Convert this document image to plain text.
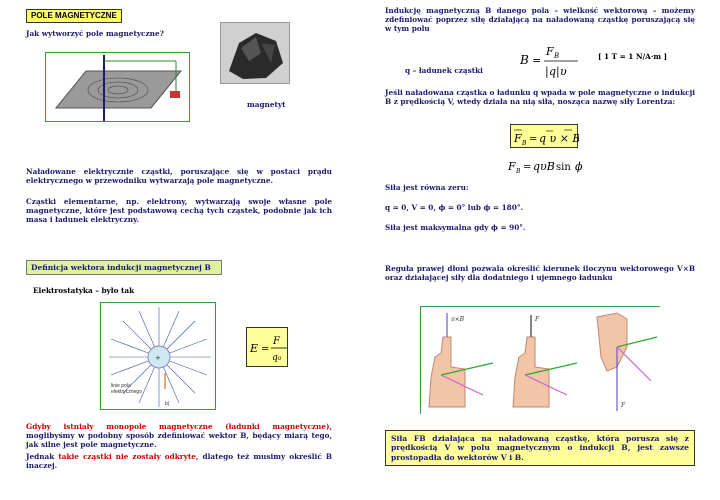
POLE MAGNETYCZNE
Jak wytworzyć pole magnetyczne?
magnetyt
Naładowane elektrycznie cząstki, poruszające się w postaci prądu elektrycznego w przewodniku wytwarzają pole magnetyczne.
Cząstki elementarne, np. elektrony, wytwarzają swoje własne pole magnetyczne, które jest podstawową cechą tych cząstek, podobnie jak ich masa i ładunek elektryczny.
Definicja wektora indukcji magnetycznej B
Elektrostatyka – było tak
+
linie pola elektrycznego
b)
E =
F
q₀
Gdyby istniały monopole magnetyczne (ładunki magnetyczne), moglibyśmy w podobny sposób zdefiniować wektor B, będący miarą tego, jak silne jest pole magnetyczne.
Jednak takie cząstki nie zostały odkryte, dlatego też musimy określić B inaczej.
Indukcję magnetyczną B danego pola – wielkość wektorową – możemy zdefiniować poprzez siłę działającą na naładowaną cząstkę poruszającą się w tym polu
B =
F B
| q | υ
[ 1 T = 1 N/A·m ]
q – ładunek cząstki
Jeśli naładowana cząstka o ładunku q wpada w pole magnetyczne o indukcji B z prędkością V, wtedy działa na nią siła, nosząca nazwę siły Lorentza:
F B = q υ × B
F B = qυB sin ϕ
Siła jest równa zeru:
q = 0, V = 0, ϕ = 0° lub ϕ = 180°.
Siła jest maksymalna gdy ϕ = 90°.
Reguła prawej dłoni pozwala określić kierunek iloczynu wektorowego V×B oraz działającej siły dla dodatniego i ujemnego ładunku
υ×B	F
F
Siła FB działająca na naładowaną cząstkę, która porusza się z prędkością V w polu magnetycznym o indukcji B, jest zawsze prostopadła do wektorów V i B.
